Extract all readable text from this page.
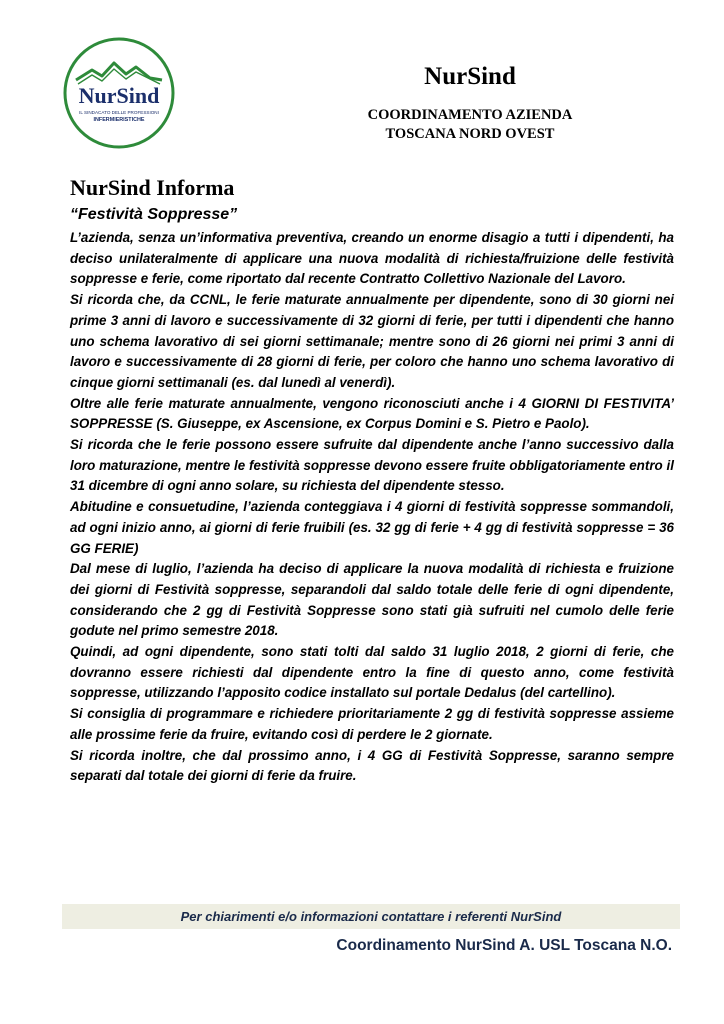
NurSind
IL SINDACATO DELLE PROFESSIONI
INFERMIERISTICHE
NurSind
COORDINAMENTO AZIENDA
TOSCANA NORD OVEST
NurSind Informa
“Festività Soppresse”

L’azienda, senza un’informativa preventiva, creando un enorme disagio a tutti i dipendenti, ha deciso unilateralmente di applicare una nuova modalità di richiesta/fruizione delle festività soppresse e ferie, come riportato dal recente Contratto Collettivo Nazionale del Lavoro.

Si ricorda che, da CCNL, le ferie maturate annualmente per dipendente, sono di 30 giorni nei prime 3 anni di lavoro e successivamente di 32 giorni di ferie, per tutti i dipendenti che hanno uno schema lavorativo di sei giorni settimanale; mentre sono di 26 giorni nei primi 3 anni di lavoro e successivamente di 28 giorni di ferie, per coloro che hanno uno schema lavorativo di cinque giorni settimanali (es. dal lunedì al venerdì).

Oltre alle ferie maturate annualmente, vengono riconosciuti anche i 4 GIORNI DI FESTIVITA’ SOPPRESSE (S. Giuseppe, ex Ascensione, ex Corpus Domini e S. Pietro e Paolo).

Si ricorda che le ferie possono essere sufruite dal dipendente anche l’anno successivo dalla loro maturazione, mentre le festività soppresse devono essere fruite obbligatoriamente entro il 31 dicembre di ogni anno solare, su richiesta del dipendente stesso.

Abitudine e consuetudine, l’azienda conteggiava i 4 giorni di festività soppresse sommandoli, ad ogni inizio anno, ai giorni di ferie fruibili (es. 32 gg di ferie + 4 gg di festività soppresse = 36 GG FERIE)

Dal mese di luglio, l’azienda ha deciso di applicare la nuova modalità di richiesta e fruizione dei giorni di Festività soppresse, separandoli dal saldo totale delle ferie di ogni dipendente, considerando che 2 gg di Festività Soppresse sono stati già sufruiti nel cumolo delle ferie godute nel primo semestre 2018.

Quindi, ad ogni dipendente, sono stati tolti dal saldo 31 luglio 2018, 2 giorni di ferie, che dovranno essere richiesti dal dipendente entro la fine di questo anno, come festività soppresse, utilizzando l’apposito codice installato sul portale Dedalus (del cartellino).

Si consiglia di programmare e richiedere prioritariamente 2 gg di festività soppresse assieme alle prossime ferie da fruire, evitando così di perdere le 2 giornate.

Si ricorda inoltre, che dal prossimo anno, i 4 GG di Festività Soppresse, saranno sempre separati dal totale dei giorni di ferie da fruire.

Per chiarimenti e/o informazioni contattare i referenti NurSind
Coordinamento NurSind A. USL Toscana N.O.
